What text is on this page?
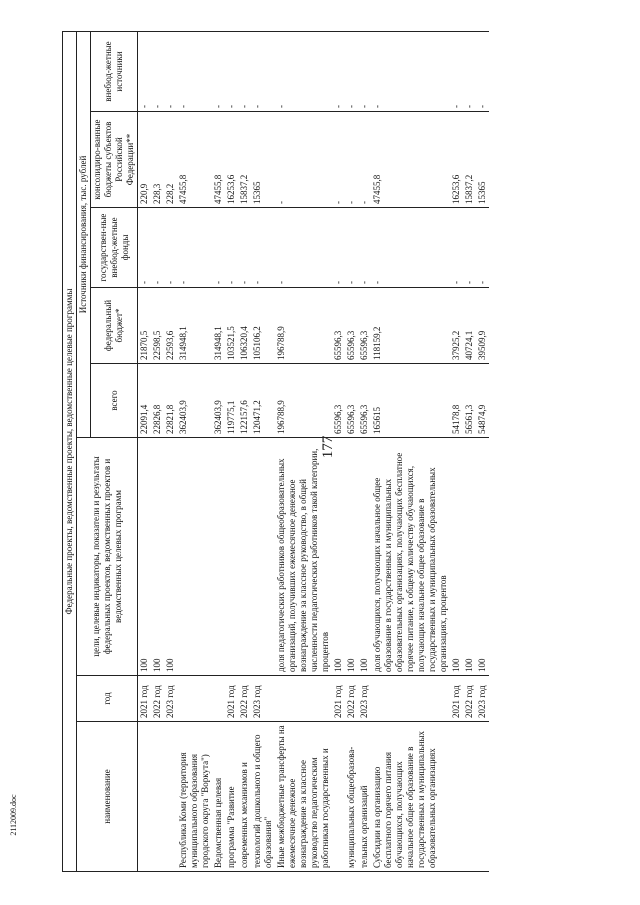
177
2112009.doc
Федеральные проекты, ведомственные проекты, ведомственные целевые программы							
наименование	год	цели, целевые индикаторы, показатели и результаты федеральных проектов, ведомственных проектов и ведомственных целевых программ	Источники финансирования, тыс. рублей				
			всего	федеральный бюджет*	государствен-ные внебюд-жетные фонды	консолидиро-ванные бюджеты субъектов Российской Федерации**	внебюд-жетные источники
	2021 год	100	22091,4	21870,5	-	220,9	-
	2022 год	100	22826,8	22598,5	-	228,3	-
	2023 год	100	22821,8	22593,6	-	228,2	-
Республика Коми (территория муниципального образования городского округа "Воркута")			362403,9	314948,1	-	47455,8	-
Ведомственная целевая			362403,9	314948,1	-	47455,8	-
программа "Развитие	2021 год		119775,1	103521,5	-	16253,6	-
современных механизмов и	2022 год		122157,6	106320,4	-	15837,2	-
технологий дошкольного и общего образования"	2023 год		120471,2	105106,2	-	15365	-
Иные межбюджетные трансферты на ежемесячное денежное вознаграждение за классное руководство педагогическим работникам государственных и		доля педагогических работников общеобразовательных организаций, получивших ежемесячное денежное вознаграждение за классное руководство, в общей численности педагогических работников такой категории, процентов	196788,9	196788,9	-	-	-
	2021 год	100	65596,3	65596,3	-	-	-
муниципальных общеобразова-	2022 год	100	65596,3	65596,3	-	-	-
тельных организаций	2023 год	100	65596,3	65596,3	-	-	-
Субсидии на организацию бесплатного горячего питания обучающихся, получающих начальное общее образование в государственных и муниципальных образовательных организациях		доля обучающихся, получающих начальное общее образование в государственных и муниципальных образовательных организациях, получающих бесплатное горячее питание, к общему количеству обучающихся, получающих начальное общее образование в государственных и муниципальных образовательных организациях, процентов	165615	118159,2	-	47455,8	-
	2021 год	100	54178,8	37925,2	-	16253,6	-
	2022 год	100	56561,3	40724,1	-	15837,2	-
	2023 год	100	54874,9	39509,9	-	15365	-
